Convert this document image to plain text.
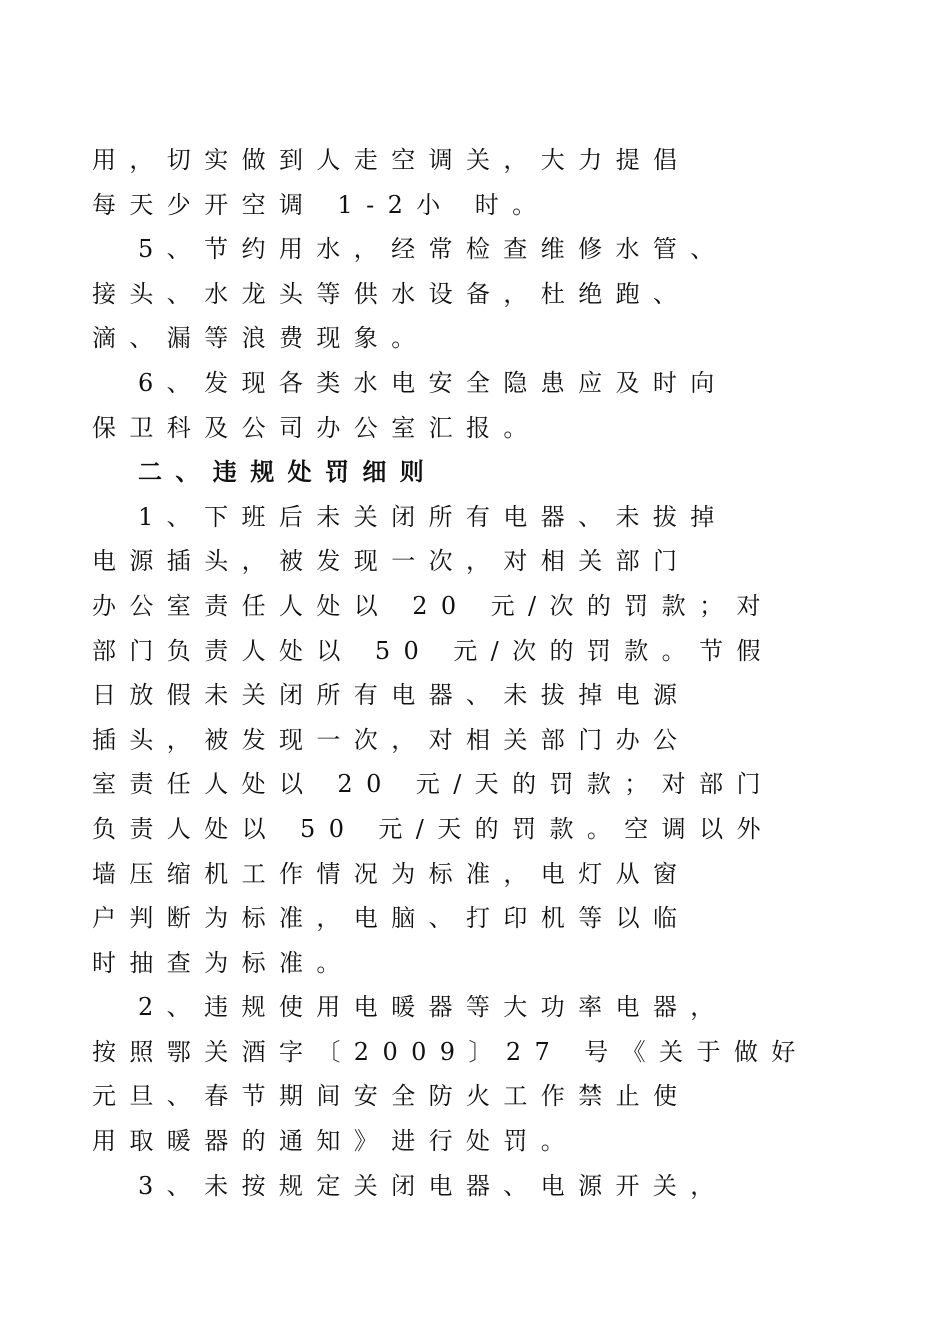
用，切实做到人走空调关，大力提倡
每天少开空调 1-2小 时。
5、节约用水，经常检查维修水管、
接头、水龙头等供水设备，杜绝跑、
滴、漏等浪费现象。
6、发现各类水电安全隐患应及时向
保卫科及公司办公室汇报。
二、违规处罚细则
1、下班后未关闭所有电器、未拔掉
电源插头，被发现一次，对相关部门
办公室责任人处以 20 元/次的罚款；对
部门负责人处以 50 元/次的罚款。节假
日放假未关闭所有电器、未拔掉电源
插头，被发现一次，对相关部门办公
室责任人处以 20 元/天的罚款；对部门
负责人处以 50 元/天的罚款。空调以外
墙压缩机工作情况为标准，电灯从窗
户判断为标准，电脑、打印机等以临
时抽查为标准。
2、违规使用电暖器等大功率电器，
按照鄂关酒字〔2009〕27 号《关于做好
元旦、春节期间安全防火工作禁止使
用取暖器的通知》进行处罚。
3、未按规定关闭电器、电源开关，
